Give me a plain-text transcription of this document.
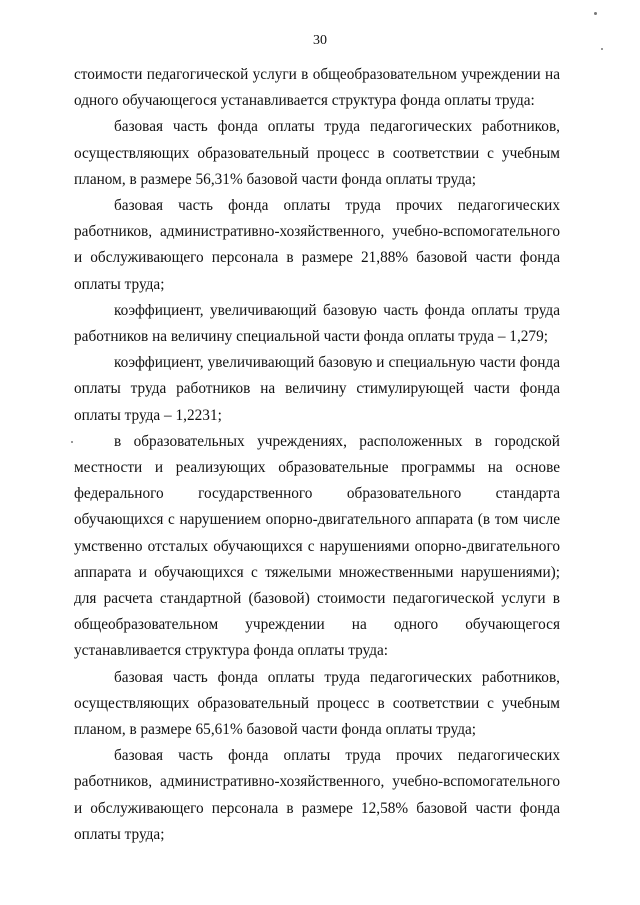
30

стоимости педагогической услуги в общеобразовательном учреждении на одного обучающегося устанавливается структура фонда оплаты труда:

базовая часть фонда оплаты труда педагогических работников, осуществляющих образовательный процесс в соответствии с учебным планом, в размере 56,31% базовой части фонда оплаты труда;

базовая часть фонда оплаты труда прочих педагогических работников, административно-хозяйственного, учебно-вспомогательного и обслуживающего персонала в размере 21,88% базовой части фонда оплаты труда;

коэффициент, увеличивающий базовую часть фонда оплаты труда работников на величину специальной части фонда оплаты труда – 1,279;

коэффициент, увеличивающий базовую и специальную части фонда оплаты труда работников на величину стимулирующей части фонда оплаты труда – 1,2231;

в образовательных учреждениях, расположенных в городской местности и реализующих образовательные программы на основе федерального государственного образовательного стандарта обучающихся с нарушением опорно-двигательного аппарата (в том числе умственно отсталых обучающихся с нарушениями опорно-двигательного аппарата и обучающихся с тяжелыми множественными нарушениями); для расчета стандартной (базовой) стоимости педагогической услуги в общеобразовательном учреждении на одного обучающегося устанавливается структура фонда оплаты труда:

базовая часть фонда оплаты труда педагогических работников, осуществляющих образовательный процесс в соответствии с учебным планом, в размере 65,61% базовой части фонда оплаты труда;

базовая часть фонда оплаты труда прочих педагогических работников, административно-хозяйственного, учебно-вспомогательного и обслуживающего персонала в размере 12,58% базовой части фонда оплаты труда;
